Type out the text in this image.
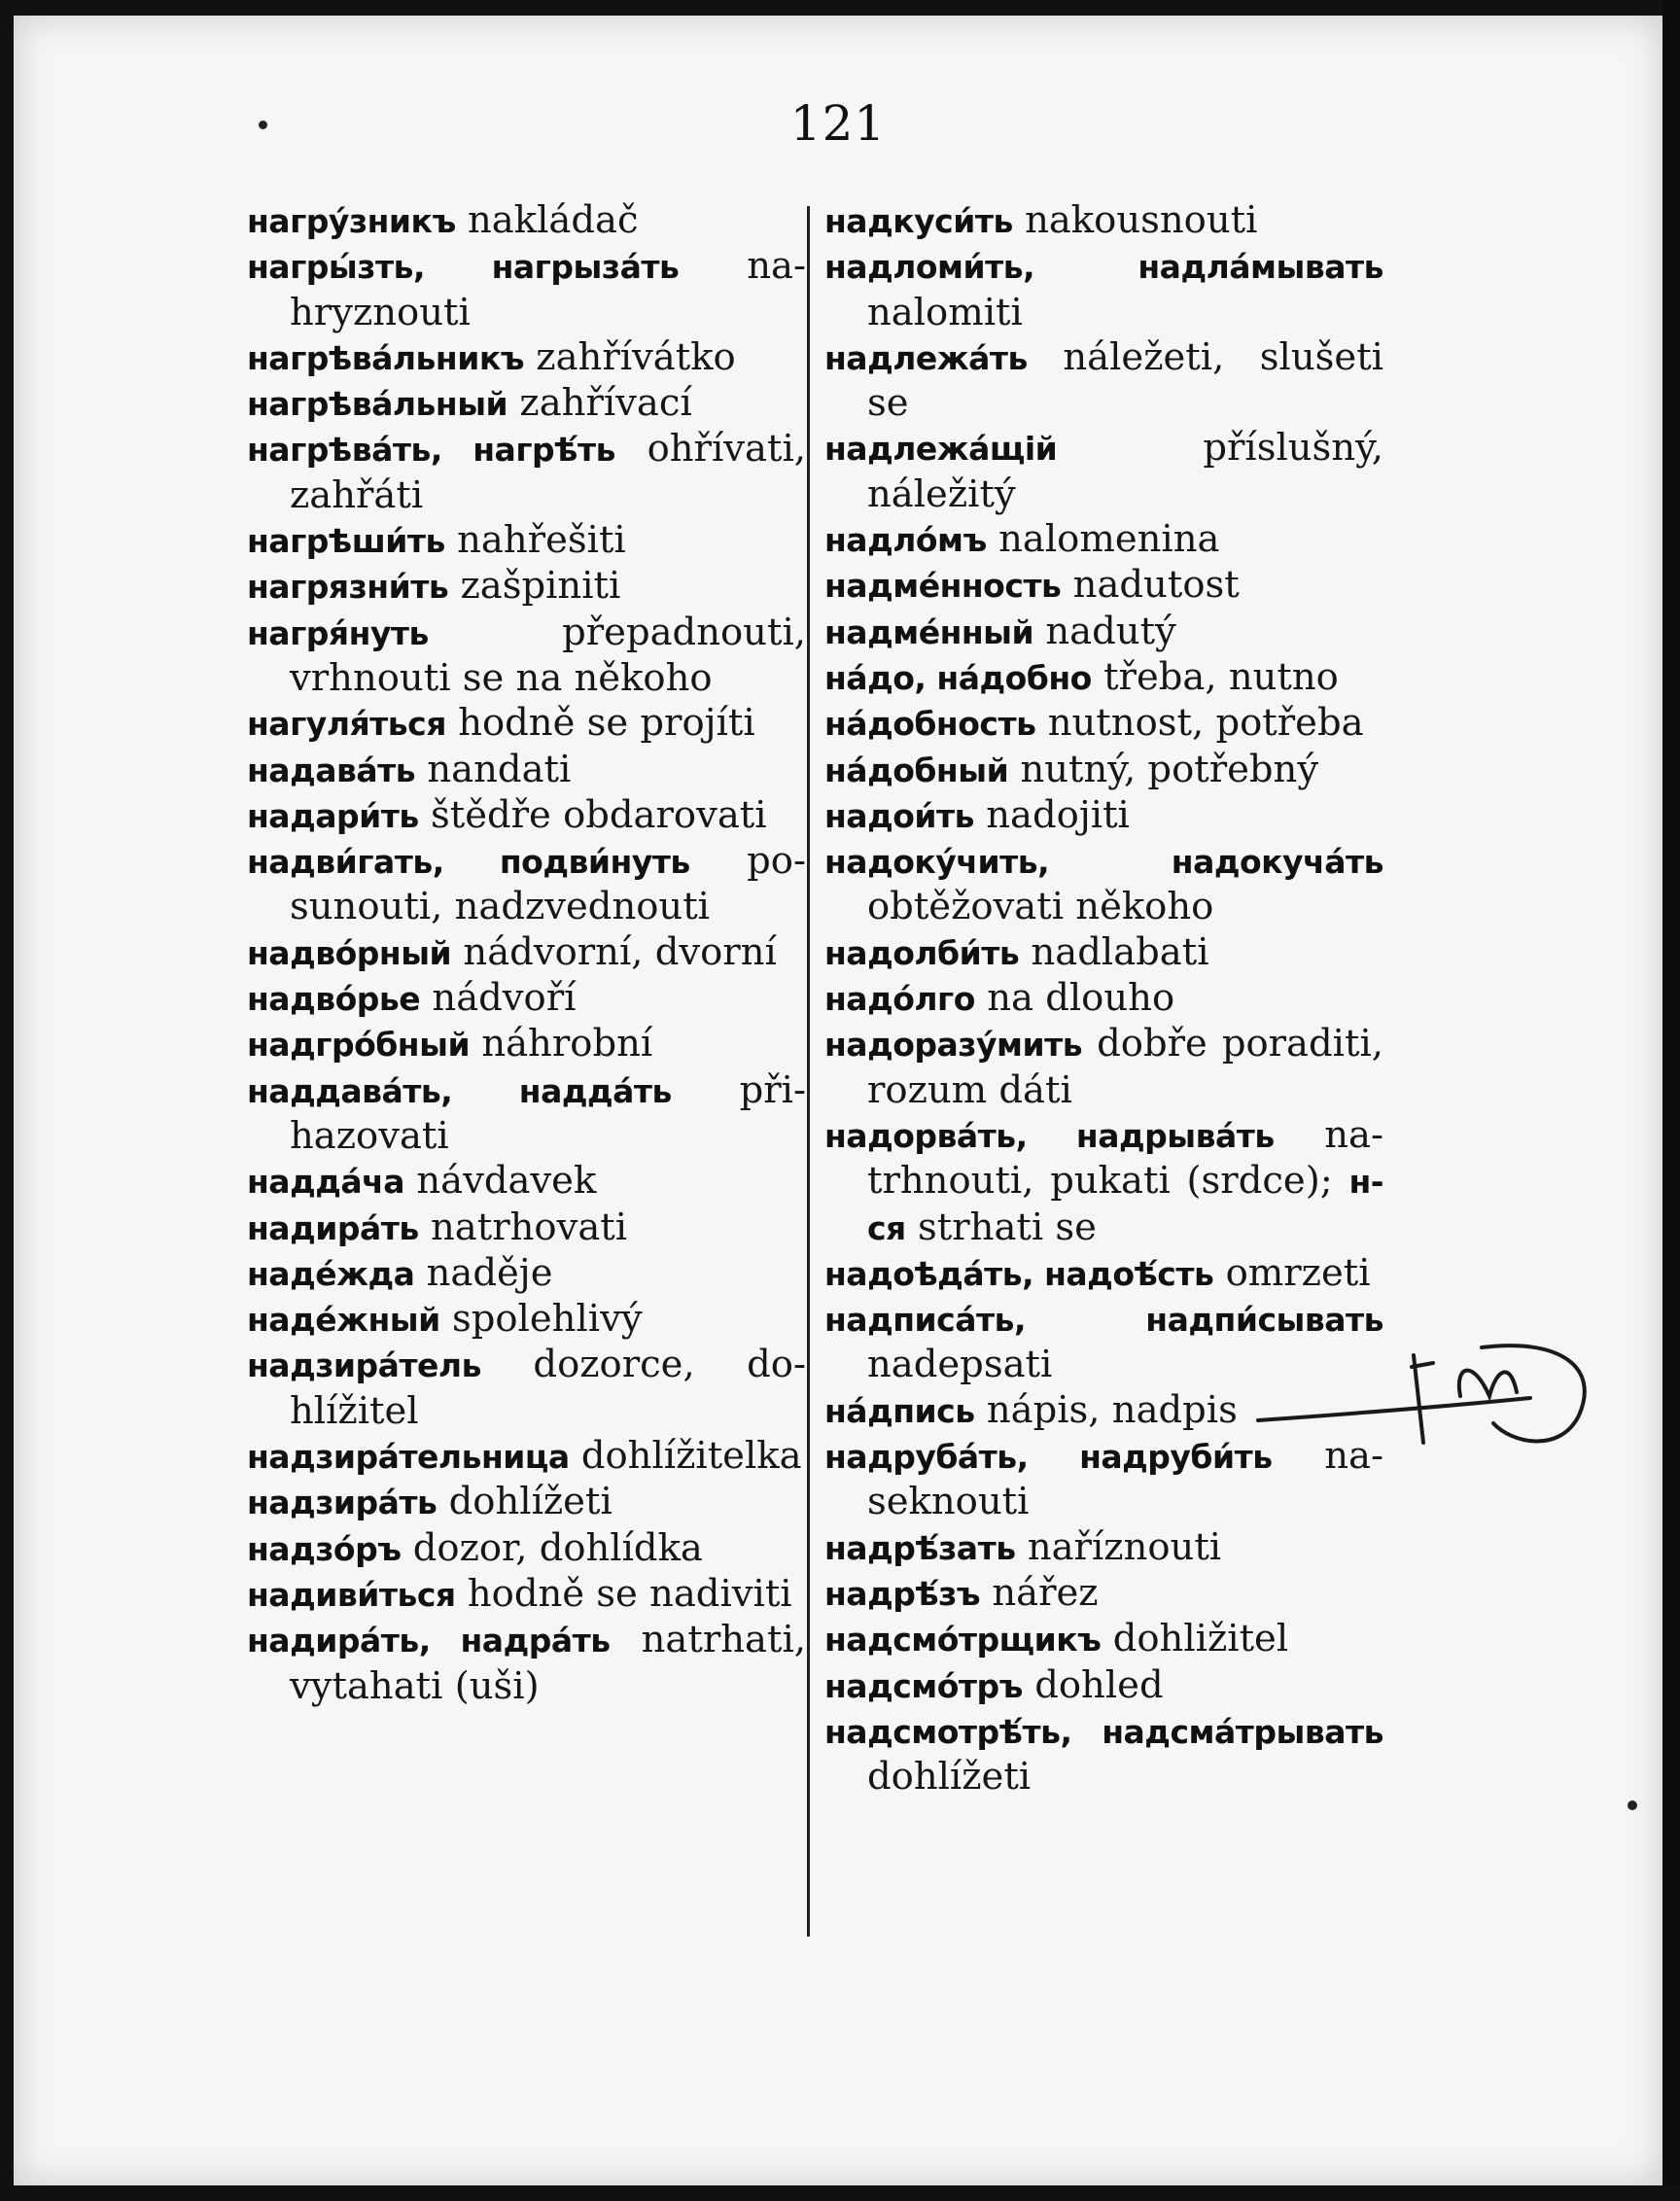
121
нагру́зникъ nakládač
нагры́зть, нагрыза́ть nahryznouti
нагрѣва́льникъ zahřívátko
нагрѣва́льный zahřívací
нагрѣва́ть, нагрѣ́ть ohřívati, zahřáti
нагрѣши́ть nahřešiti
нагрязни́ть zašpiniti
нагря́нуть	přepadnouti, vrhnouti se na někoho
нагуля́ться hodně se projíti
надава́ть nandati
надари́ть štědře obdarovati
надви́гать, подви́нуть posunouti, nadzvednouti
надво́рный nádvorní, dvorní
надво́рье nádvoří
надгро́бный náhrobní
наддава́ть, надда́ть přihazovati
надда́ча návdavek
надира́ть natrhovati
наде́жда naděje
наде́жный spolehlivý
надзира́тель dozorce, dohlížitel
надзира́тельница dohlížitelka
надзира́ть dohlížeti
надзо́ръ dozor, dohlídka
надиви́ться hodně se nadiviti
надира́ть, надра́ть natrhati, vytahati (uši)
надкуси́ть nakousnouti
надломи́ть, надла́мывать nalomiti
надлежа́ть náležeti, slušeti se
надлежа́щій	příslušný, náležitý
надло́мъ nalomenina
надме́нность nadutost
надме́нный nadutý
на́до, на́добно třeba, nutno
на́добность nutnost, potřeba
на́добный nutný, potřebný
надои́ть nadojiti
надоку́чить, надокуча́ть obtěžovati někoho
надолби́ть nadlabati
надо́лго na dlouho
надоразу́мить dobře poraditi, rozum dáti
надорва́ть, надрыва́ть natrhnouti, pukati (srdce); н-ся strhati se
надоѣда́ть, надоѣ́сть omrzeti
надписа́ть, надпи́сывать nadepsati
на́дпись nápis, nadpis
надруба́ть, надруби́ть naseknouti
надрѣ́зать naříznouti
надрѣ́зъ nářez
надсмо́трщикъ dohližitel
надсмо́тръ dohled
надсмотрѣ́ть, надсма́трывать dohlížeti
